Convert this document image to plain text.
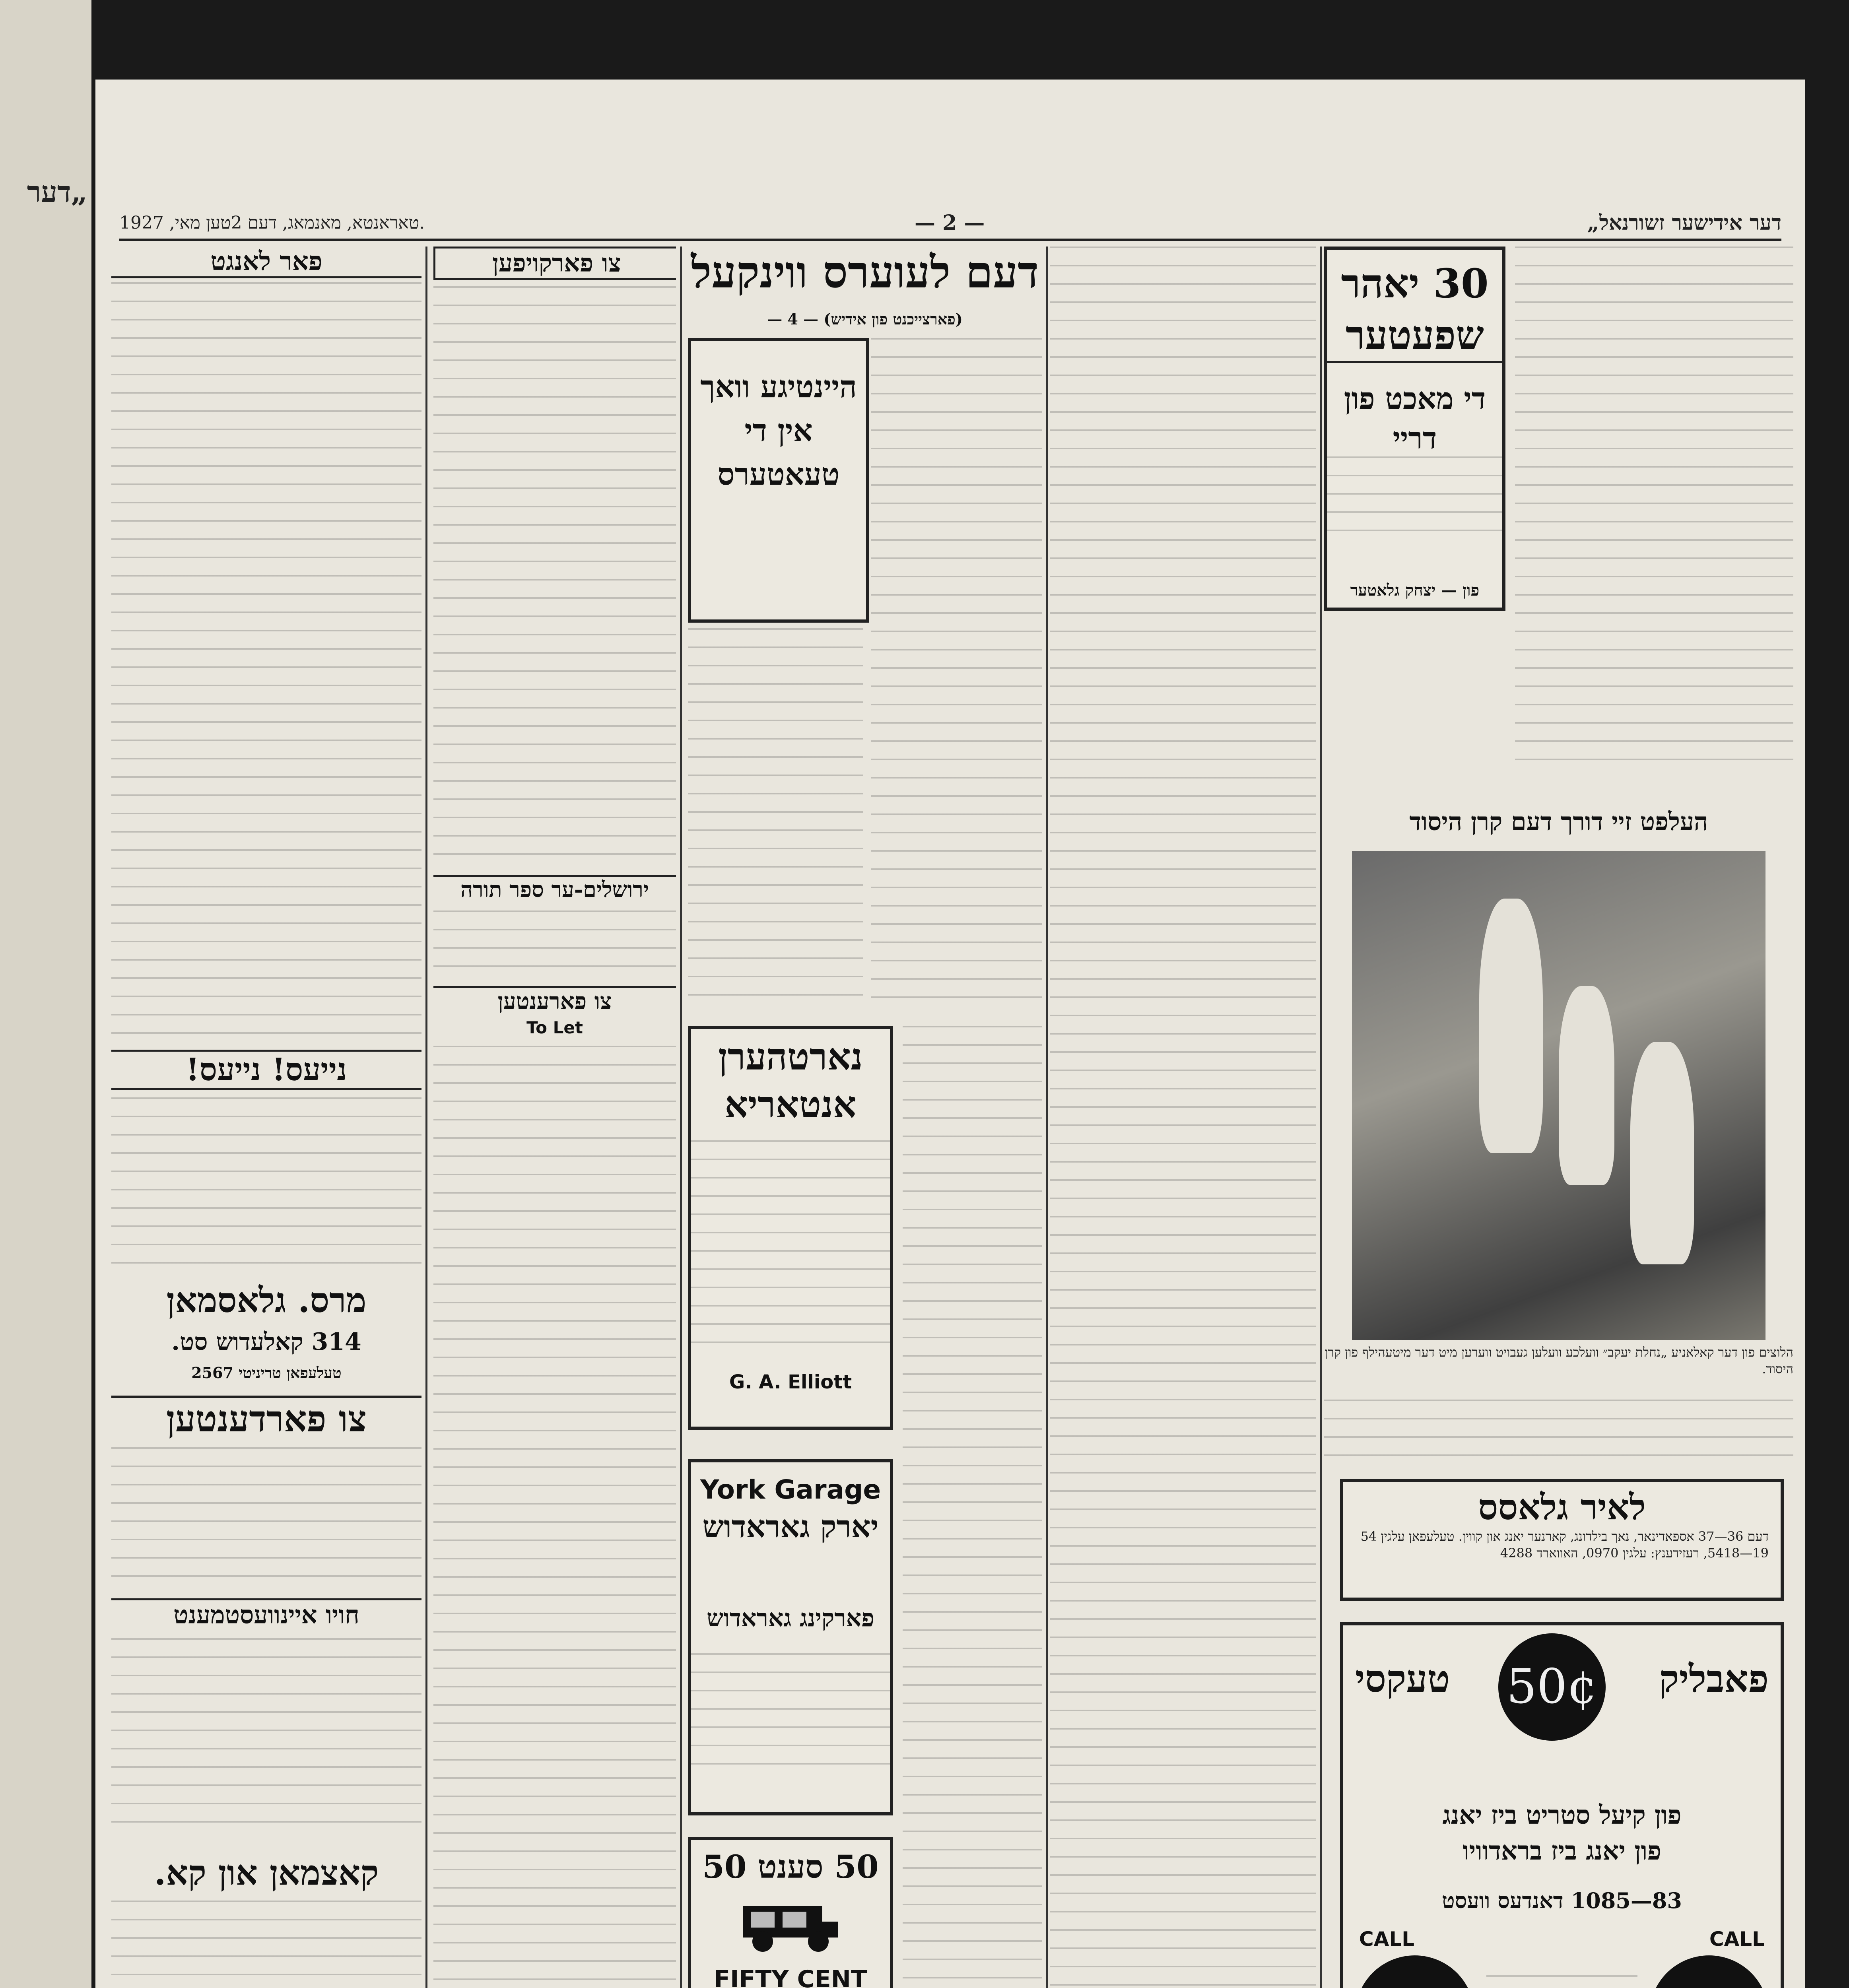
„דער
טאראנטא, מאנמאג, דעם 2טען מאי, 1927.	— 2 —	„דער אידישער זשורנאל
פאר לאנגט
נייעס! נייעס!
מרס. גלאסמאן
314 קאלעדוש סט.
טעלעפאן טריניטי 2567
צו פארדענטען
חויו איינוועסטמענט
קאצמאן און קא.
צו פארקויפען
ירושלים-ער ספר תורה
צו פארענטען
To Let
דעם לעוערס ווינקעל
(פארצייכנט פון אידיש) — 4 —
היינטיגע וואך אין די טעאטערס
נארטהערן אנטאריא
G. A. Elliott
York Garage
יארק גאראדוש
פארקינג גאראדוש
50 סענט 50
FIFTY CENT
30 יאהר שפעטער
די מאכט פון דריי
פון — יצחק גלאטער
העלפט זיי דורך דעם קרן היסוד
הלוצים פון דער קאלאניע „נחלת יעקב״ וועלכע וועלען געבויט ווערען מיט דער מיטעהילף פון קרן היסוד.
לאיר גלאסס
דעם 36—37 אספאדינאר, נאך בילדונג, קארנער יאנג און קווין. טעלעפאן עלגין 5419—5418, רעזידענץ: עלגין 0970, האווארד 4288
פאבליק
טעקסי 50¢
פון קיעל סטריט ביז יאנג
פון יאנג ביז בראדוויו
83—1085 דאנדעס וועסט
CALL	CALL
